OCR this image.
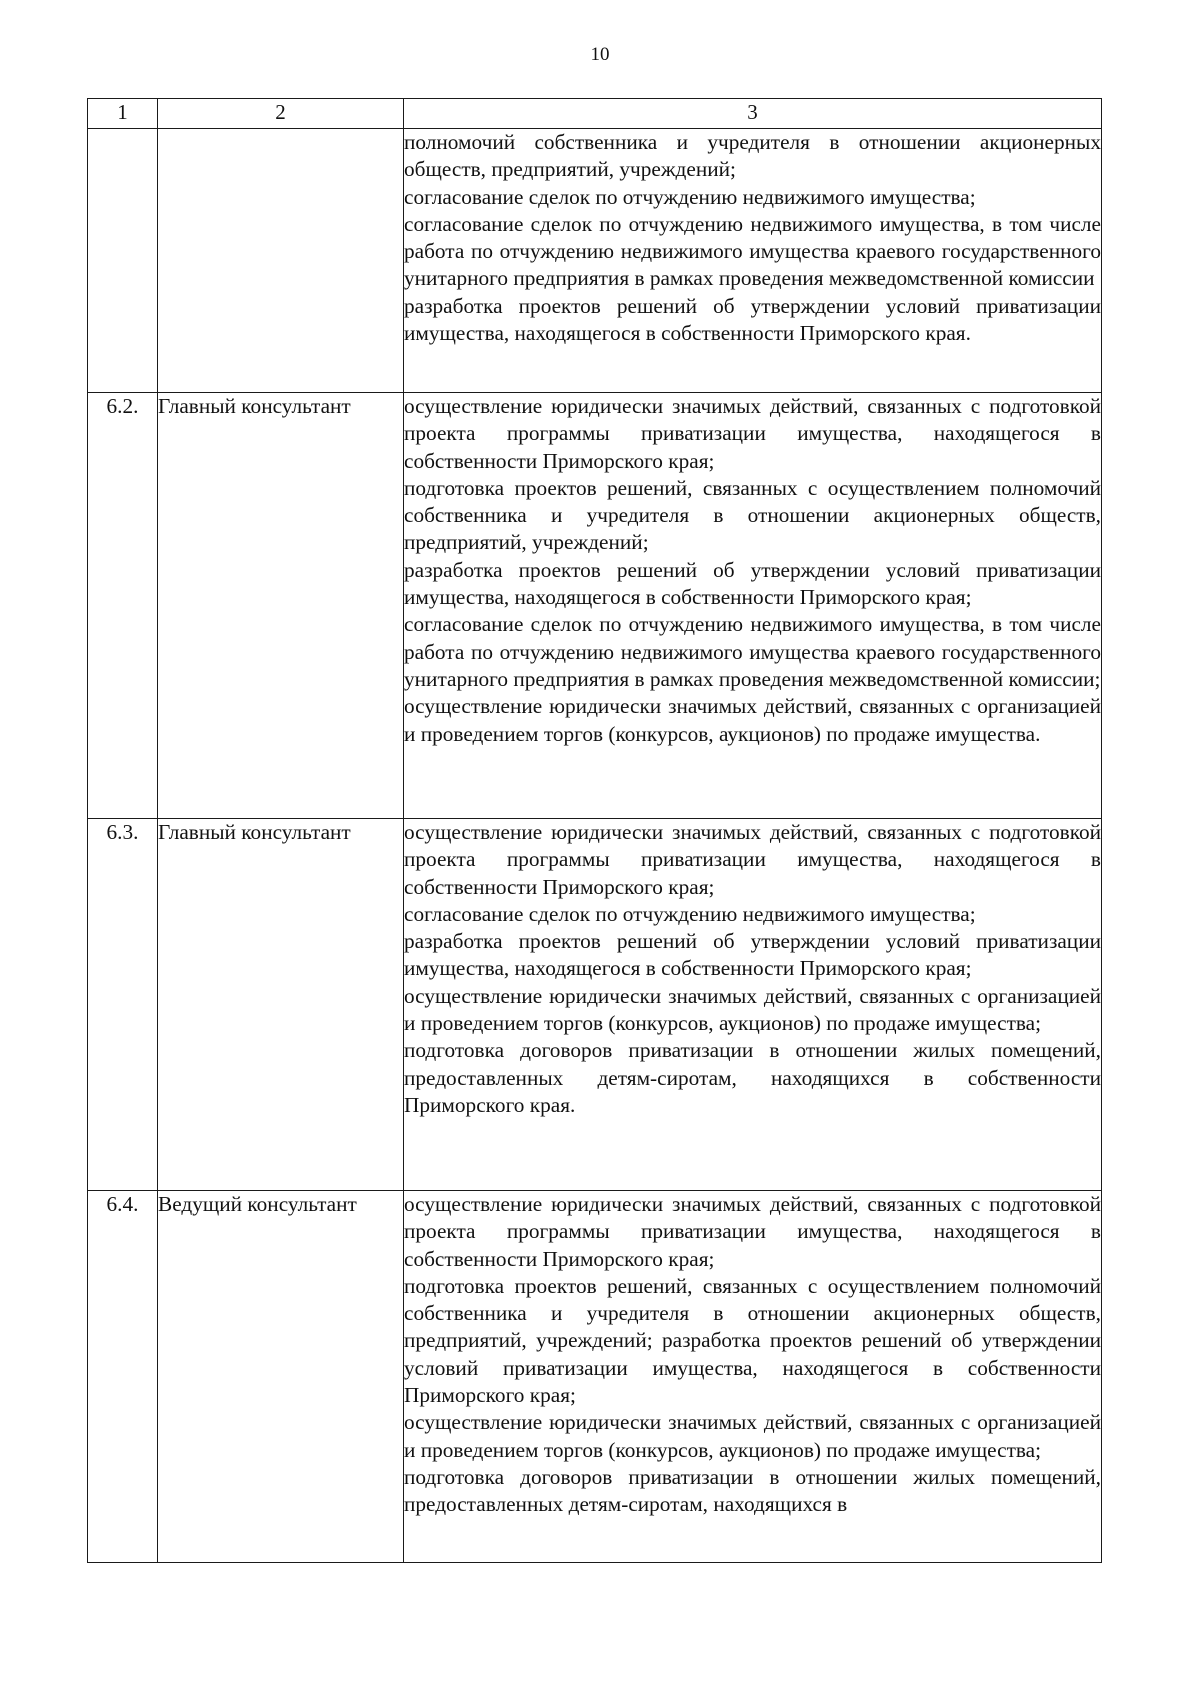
10
1	2	3

		полномочий собственника и учредителя в отношении акционерных обществ, предприятий, учреждений;
согласование сделок по отчуждению недвижимого имущества;
согласование сделок по отчуждению недвижимого имущества, в том числе работа по отчуждению недвижимого имущества краевого государственного унитарного предприятия в рамках проведения межведомственной комиссии
разработка проектов решений об утверждении условий приватизации имущества, находящегося в собственности Приморского края.

6.2.	Главный консультант	осуществление юридически значимых действий, связанных с подготовкой проекта программы приватизации имущества, находящегося в собственности Приморского края;
подготовка проектов решений, связанных с осуществлением полномочий собственника и учредителя в отношении акционерных обществ, предприятий, учреждений;
разработка проектов решений об утверждении условий приватизации имущества, находящегося в собственности Приморского края;
согласование сделок по отчуждению недвижимого имущества, в том числе работа по отчуждению недвижимого имущества краевого государственного унитарного предприятия в рамках проведения межведомственной комиссии;
осуществление юридически значимых действий, связанных с организацией и проведением торгов (конкурсов, аукционов) по продаже имущества.

6.3.	Главный консультант	осуществление юридически значимых действий, связанных с подготовкой проекта программы приватизации имущества, находящегося в собственности Приморского края;
согласование сделок по отчуждению недвижимого имущества;
разработка проектов решений об утверждении условий приватизации имущества, находящегося в собственности Приморского края;
осуществление юридически значимых действий, связанных с организацией и проведением торгов (конкурсов, аукционов) по продаже имущества;
подготовка договоров приватизации в отношении жилых помещений, предоставленных детям-сиротам, находящихся в собственности Приморского края.

6.4.	Ведущий консультант	осуществление юридически значимых действий, связанных с подготовкой проекта программы приватизации имущества, находящегося в собственности Приморского края;
подготовка проектов решений, связанных с осуществлением полномочий собственника и учредителя в отношении акционерных обществ, предприятий, учреждений; разработка проектов решений об утверждении условий приватизации имущества, находящегося в собственности Приморского края;
осуществление юридически значимых действий, связанных с организацией и проведением торгов (конкурсов, аукционов) по продаже имущества;
подготовка договоров приватизации в отношении жилых помещений, предоставленных детям-сиротам, находящихся в
